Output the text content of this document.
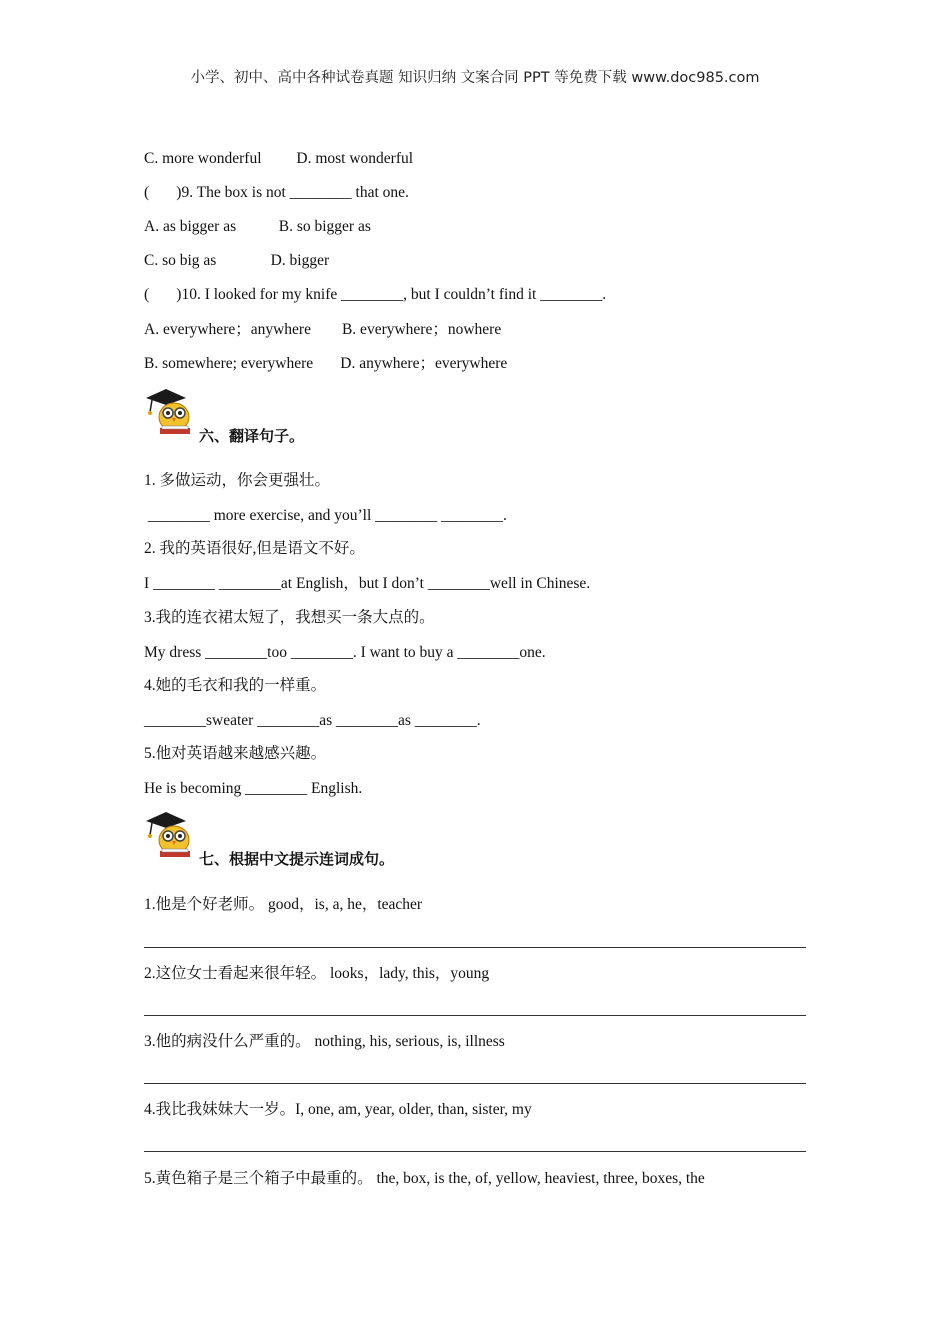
小学、初中、高中各种试卷真题 知识归纳 文案合同 PPT 等免费下载 www.doc985.com
C. more wonderful         D. most wonderful
(       )9. The box is not ________ that one.
A. as bigger as           B. so bigger as
C. so big as              D. bigger
(       )10. I looked for my knife ________, but I couldn’t find it ________.
A. everywhere；anywhere        B. everywhere；nowhere
B. somewhere; everywhere       D. anywhere；everywhere
六、翻译句子。
1. 多做运动，你会更强壮。
________ more exercise, and you’ll ________ ________.
2. 我的英语很好,但是语文不好。
I ________ ________at English，but I don’t ________well in Chinese.
3.我的连衣裙太短了，我想买一条大点的。
My dress ________too ________. I want to buy a ________one.
4.她的毛衣和我的一样重。
________sweater ________as ________as ________.
5.他对英语越来越感兴趣。
He is becoming ________ English.
七、根据中文提示连词成句。
1.他是个好老师。 good，is, a, he，teacher
2.这位女士看起来很年轻。 looks，lady, this，young
3.他的病没什么严重的。 nothing, his, serious, is, illness
4.我比我妹妹大一岁。I, one, am, year, older, than, sister, my
5.黄色箱子是三个箱子中最重的。 the, box, is the, of, yellow, heaviest, three, boxes, the
